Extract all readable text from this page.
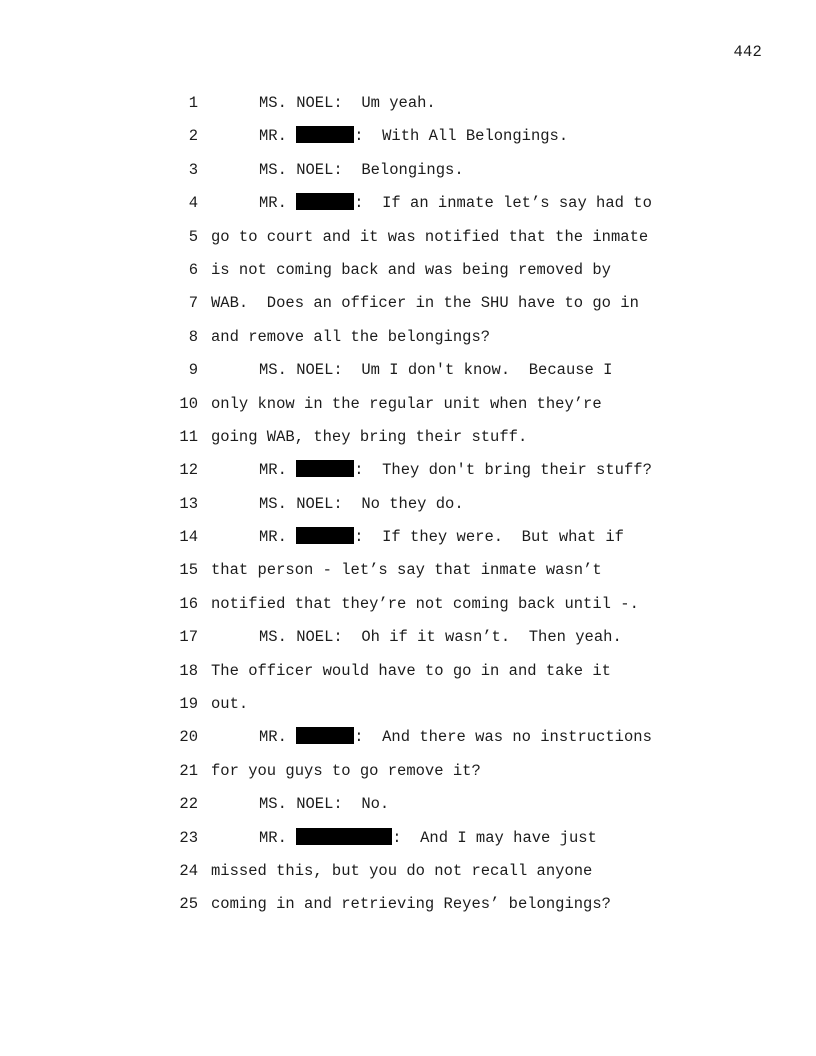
442
1	MS. NOEL:  Um yeah.
2	MR.	:  With All Belongings.
3	MS. NOEL:  Belongings.
4	MR.	:  If an inmate let’s say had to
5 go to court and it was notified that the inmate
6 is not coming back and was being removed by
7 WAB.  Does an officer in the SHU have to go in
8 and remove all the belongings?
9	MS. NOEL:  Um I don't know.  Because I
10 only know in the regular unit when they’re
11 going WAB, they bring their stuff.
12	MR.	:  They don't bring their stuff?
13	MS. NOEL:  No they do.
14	MR.	:  If they were.  But what if
15 that person - let’s say that inmate wasn’t
16 notified that they’re not coming back until -.
17	MS. NOEL:  Oh if it wasn’t.  Then yeah.
18 The officer would have to go in and take it
19 out.
20	MR.	:  And there was no instructions
21 for you guys to go remove it?
22	MS. NOEL:  No.
23	MR.	:  And I may have just
24 missed this, but you do not recall anyone
25 coming in and retrieving Reyes’ belongings?
